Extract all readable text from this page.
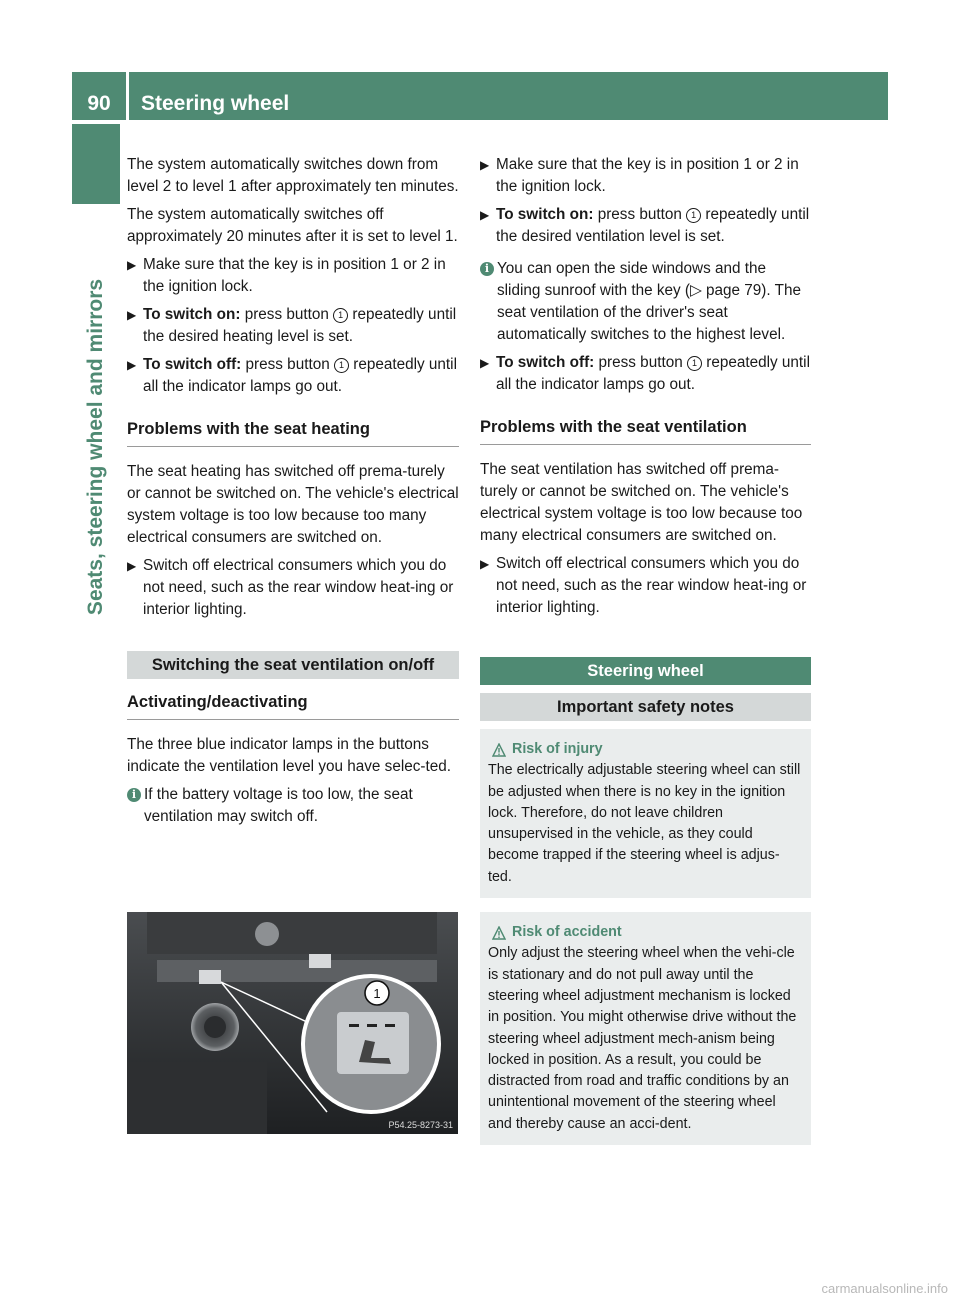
90	Steering wheel
Seats, steering wheel and mirrors

The system automatically switches down from level 2 to level 1 after approximately ten minutes.

The system automatically switches off approximately 20 minutes after it is set to level 1.

▶ Make sure that the key is in position 1 or 2 in the ignition lock.
▶ To switch on: press button 1 repeatedly until the desired heating level is set.
▶ To switch off: press button 1 repeatedly until all the indicator lamps go out.
Problems with the seat heating

The seat heating has switched off prema-turely or cannot be switched on. The vehicle's electrical system voltage is too low because too many electrical consumers are switched on.

▶ Switch off electrical consumers which you do not need, such as the rear window heat-ing or interior lighting.
Switching the seat ventilation on/off
Activating/deactivating

The three blue indicator lamps in the buttons indicate the ventilation level you have selec-ted.

i If the battery voltage is too low, the seat ventilation may switch off.
1
P54.25-8273-31
▶ Make sure that the key is in position 1 or 2 in the ignition lock.
▶ To switch on: press button 1 repeatedly until the desired ventilation level is set.
i You can open the side windows and the sliding sunroof with the key (▷ page 79). The seat ventilation of the driver's seat automatically switches to the highest level.
▶ To switch off: press button 1 repeatedly until all the indicator lamps go out.
Problems with the seat ventilation

The seat ventilation has switched off prema-turely or cannot be switched on. The vehicle's electrical system voltage is too low because too many electrical consumers are switched on.

▶ Switch off electrical consumers which you do not need, such as the rear window heat-ing or interior lighting.
Steering wheel
Important safety notes
Risk of injury
The electrically adjustable steering wheel can still be adjusted when there is no key in the ignition lock. Therefore, do not leave children unsupervised in the vehicle, as they could become trapped if the steering wheel is adjus-ted.
Risk of accident
Only adjust the steering wheel when the vehi-cle is stationary and do not pull away until the steering wheel adjustment mechanism is locked in position. You might otherwise drive without the steering wheel adjustment mech-anism being locked in position. As a result, you could be distracted from road and traffic conditions by an unintentional movement of the steering wheel and thereby cause an acci-dent.
carmanualsonline.info
